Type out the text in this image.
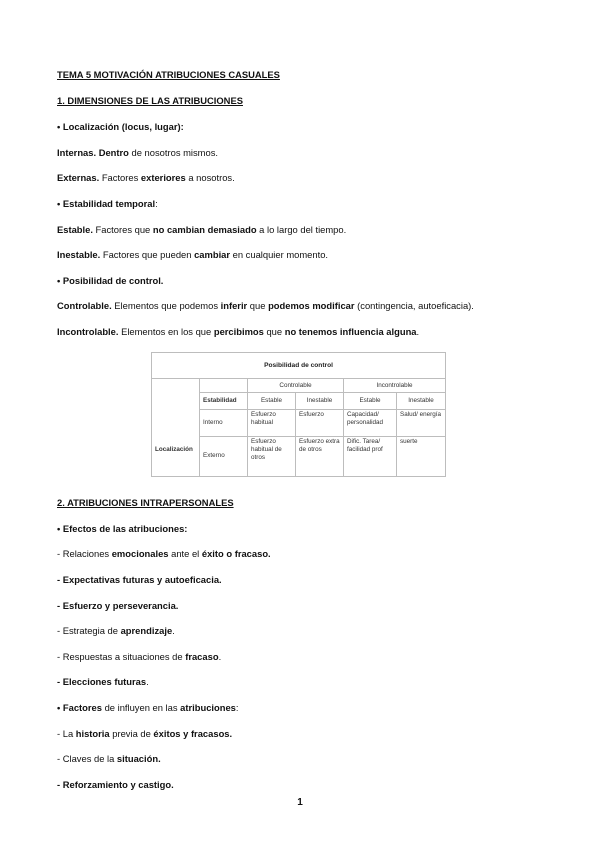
TEMA 5 MOTIVACIÓN ATRIBUCIONES CASUALES
1. DIMENSIONES DE LAS ATRIBUCIONES
• Localización (locus, lugar):
Internas. Dentro de nosotros mismos.
Externas. Factores exteriores a nosotros.
• Estabilidad temporal:
Estable. Factores que no cambian demasiado a lo largo del tiempo.
Inestable. Factores que pueden cambiar en cualquier momento.
• Posibilidad de control.
Controlable. Elementos que podemos inferir que podemos modificar (contingencia, autoeficacia).
Incontrolable. Elementos en los que percibimos que no tenemos influencia alguna.
Posibilidad de control					
Localización		Controlable		Incontrolable	
	Estabilidad	Estable	Inestable	Estable	Inestable
	Interno	Esfuerzo habitual	Esfuerzo	Capacidad/ personalidad	Salud/ energía
	Externo	Esfuerzo habitual de otros	Esfuerzo extra de otros	Dific. Tarea/ facilidad prof	suerte
2. ATRIBUCIONES INTRAPERSONALES
• Efectos de las atribuciones:
- Relaciones emocionales ante el éxito o fracaso.
- Expectativas futuras y autoeficacia.
- Esfuerzo y perseverancia.
- Estrategia de aprendizaje.
- Respuestas a situaciones de fracaso.
- Elecciones futuras.
• Factores de influyen en las atribuciones:
- La historia previa de éxitos y fracasos.
- Claves de la situación.
- Reforzamiento y castigo.
1
